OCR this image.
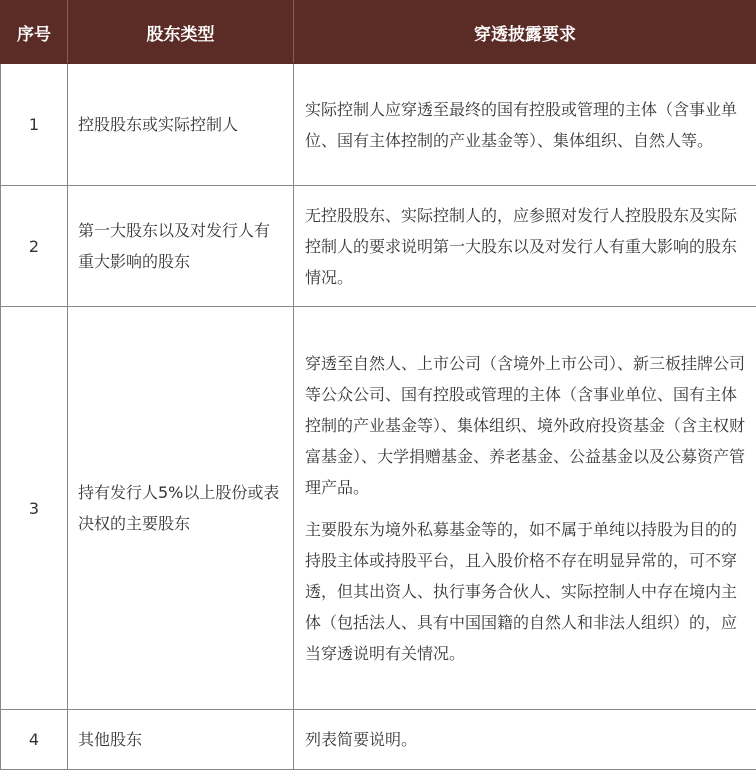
序号	股东类型	穿透披露要求
1	控股股东或实际控制人	实际控制人应穿透至最终的国有控股或管理的主体（含事业单位、国有主体控制的产业基金等）、集体组织、自然人等。

2	第一大股东以及对发行人有重大影响的股东	无控股股东、实际控制人的，应参照对发行人控股股东及实际控制人的要求说明第一大股东以及对发行人有重大影响的股东情况。

3	持有发行人5%以上股份或表决权的主要股东	穿透至自然人、上市公司（含境外上市公司）、新三板挂牌公司等公众公司、国有控股或管理的主体（含事业单位、国有主体控制的产业基金等）、集体组织、境外政府投资基金（含主权财富基金）、大学捐赠基金、养老基金、公益基金以及公募资产管理产品。

主要股东为境外私募基金等的，如不属于单纯以持股为目的的持股主体或持股平台，且入股价格不存在明显异常的，可不穿透，但其出资人、执行事务合伙人、实际控制人中存在境内主体（包括法人、具有中国国籍的自然人和非法人组织）的，应当穿透说明有关情况。

4	其他股东	列表简要说明。
